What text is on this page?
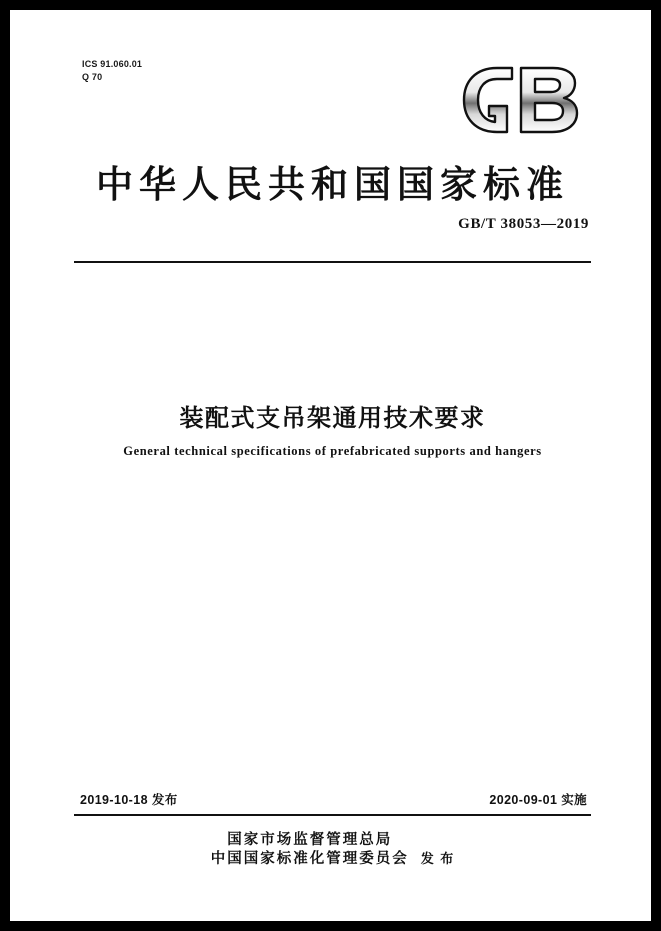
ICS 91.060.01
Q 70
中华人民共和国国家标准
GB/T 38053—2019
装配式支吊架通用技术要求
General technical specifications of prefabricated supports and hangers
2019-10-18 发布	2020-09-01 实施
国家市场监督管理总局
中国国家标准化管理委员会 发 布
